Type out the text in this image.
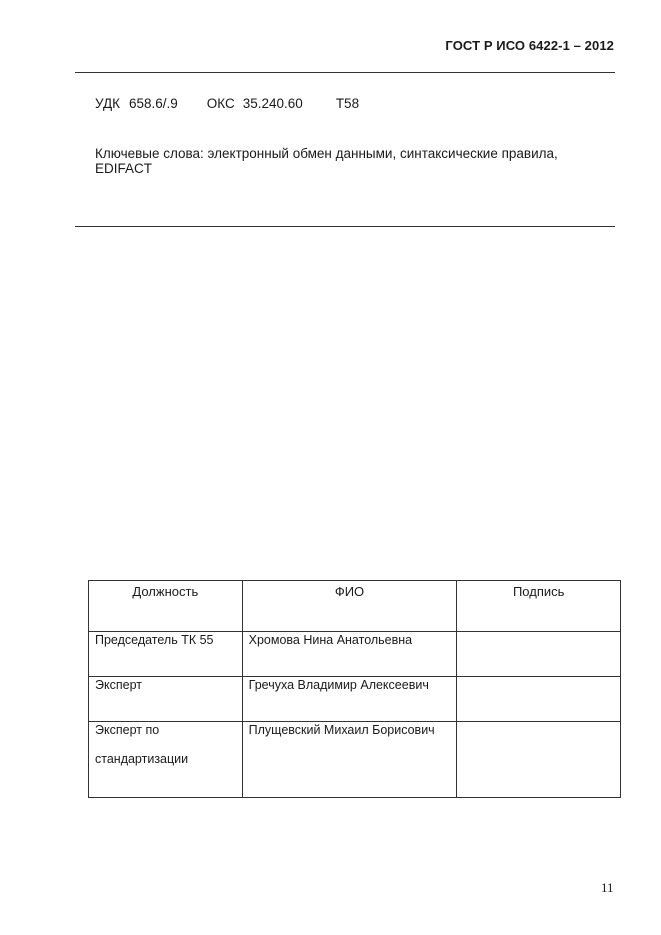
ГОСТ Р ИСО 6422-1 – 2012
УДК 658.6/.9 ОКС 35.240.60 Т58
Ключевые слова: электронный обмен данными, синтаксические правила,
EDIFACT
Должность	ФИО	Подпись

Председатель ТК 55	Хромова Нина Анатольевна	

Эксперт	Гречуха Владимир Алексеевич	

Эксперт по
стандартизации	Плущевский Михаил Борисович	

11
